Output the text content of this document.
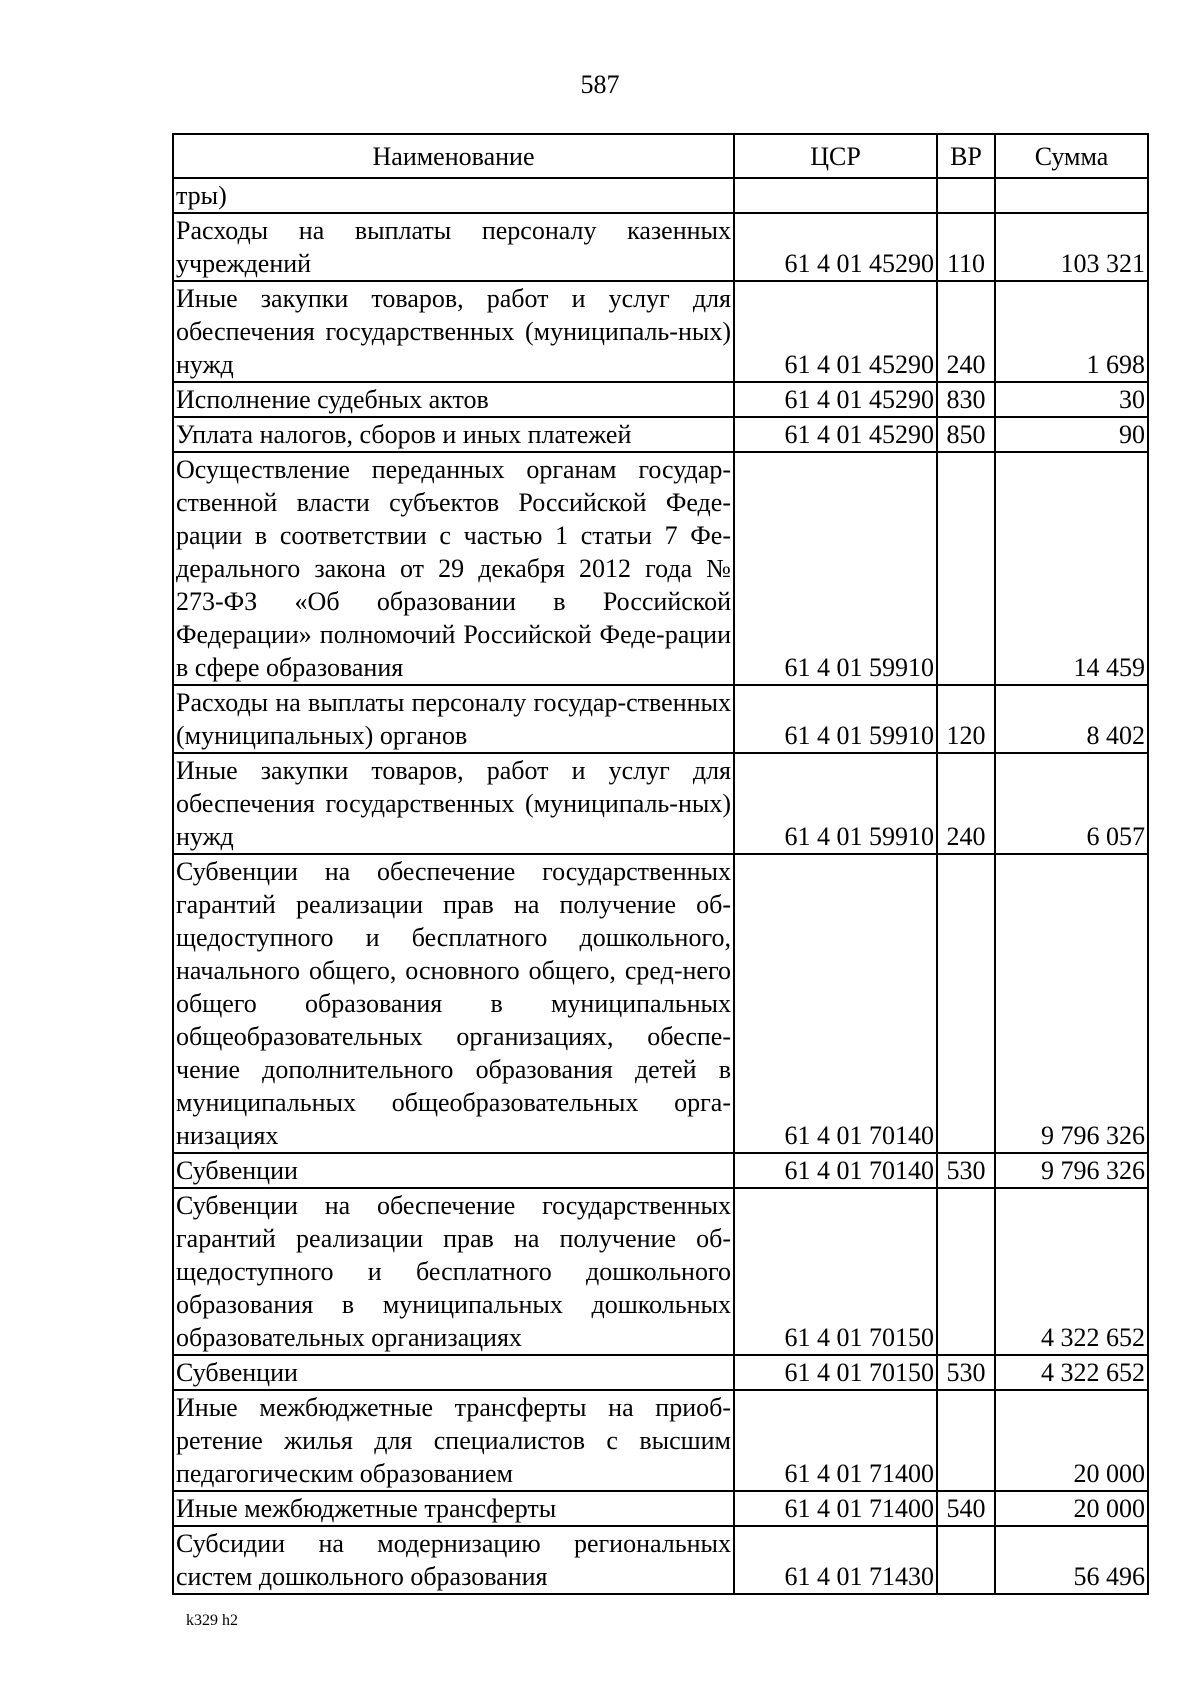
587
Наименование	ЦСР	ВР	Сумма
тры)			
Расходы на выплаты персоналу казенных учреждений	61 4 01 45290	110	103 321
Иные закупки товаров, работ и услуг для обеспечения государственных (муниципаль-ных) нужд	61 4 01 45290	240	1 698
Исполнение судебных актов	61 4 01 45290	830	30
Уплата налогов, сборов и иных платежей	61 4 01 45290	850	90
Осуществление переданных органам государ-ственной власти субъектов Российской Феде-рации в соответствии с частью 1 статьи 7 Фе-дерального закона от 29 декабря 2012 года № 273-ФЗ «Об образовании в Российской Федерации» полномочий Российской Феде-рации в сфере образования	61 4 01 59910		14 459
Расходы на выплаты персоналу государ-ственных (муниципальных) органов	61 4 01 59910	120	8 402
Иные закупки товаров, работ и услуг для обеспечения государственных (муниципаль-ных) нужд	61 4 01 59910	240	6 057
Субвенции на обеспечение государственных гарантий реализации прав на получение об-щедоступного и бесплатного дошкольного, начального общего, основного общего, сред-него общего образования в муниципальных общеобразовательных организациях, обеспе-чение дополнительного образования детей в муниципальных общеобразовательных орга-низациях	61 4 01 70140		9 796 326
Субвенции	61 4 01 70140	530	9 796 326
Субвенции на обеспечение государственных гарантий реализации прав на получение об-щедоступного и бесплатного дошкольного образования в муниципальных дошкольных образовательных организациях	61 4 01 70150		4 322 652
Субвенции	61 4 01 70150	530	4 322 652
Иные межбюджетные трансферты на приоб-ретение жилья для специалистов с высшим педагогическим образованием	61 4 01 71400		20 000
Иные межбюджетные трансферты	61 4 01 71400	540	20 000
Субсидии на модернизацию региональных систем дошкольного образования	61 4 01 71430		56 496
k329 h2
